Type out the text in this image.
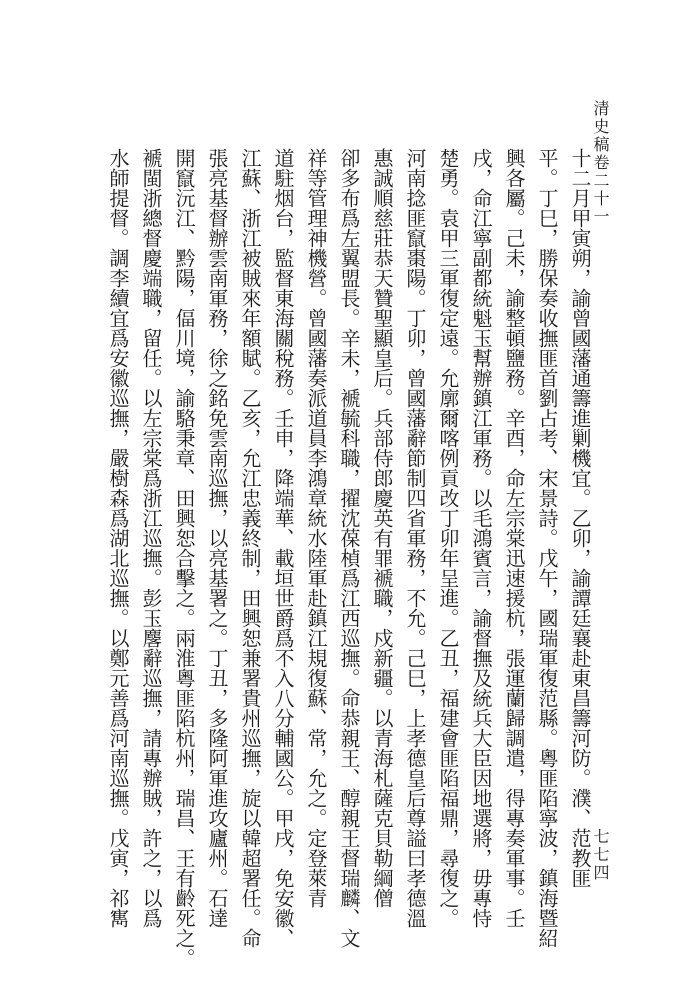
清史稿卷二十一
七七四
十二月甲寅朔，諭曾國藩通籌進剿機宜。乙卯，諭譚廷襄赴東昌籌河防。濮、范教匪
平。丁巳，勝保奏收撫匪首劉占考、宋景詩。戊午，國瑞軍復范縣。粵匪陷寧波，鎮海暨紹
興各屬。己未，諭整頓鹽務。辛酉，命左宗棠迅速援杭，張運蘭歸調遣，得專奏軍事。壬
戌，命江寧副都統魁玉幫辦鎮江軍務。以毛鴻賓言，諭督撫及統兵大臣因地選將，毋專恃
楚勇。袁甲三軍復定遠。允廓爾喀例貢改丁卯年呈進。乙丑，福建會匪陷福鼎，尋復之。
河南捻匪竄棗陽。丁卯，曾國藩辭節制四省軍務，不允。己巳，上孝德皇后尊謚曰孝德溫
惠誠順慈莊恭天贊聖顯皇后。兵部侍郎慶英有罪褫職，戍新疆。以青海札薩克貝勒綱僧
卻多布爲左翼盟長。辛未，褫毓科職，擢沈葆楨爲江西巡撫。命恭親王、醇親王督瑞麟、文
祥等管理神機營。曾國藩奏派道員李鴻章統水陸軍赴鎮江規復蘇、常，允之。定登萊青
道駐烟台，監督東海關稅務。壬申，降端華、載垣世爵爲不入八分輔國公。甲戌，免安徽、
江蘇、浙江被賊來年額賦。乙亥，允江忠義終制，田興恕兼署貴州巡撫，旋以韓超署任。命
張亮基督辦雲南軍務，徐之銘免雲南巡撫，以亮基署之。丁丑，多隆阿軍進攻廬州。石達
開竄沅江、黔陽，偪川境，諭駱秉章、田興恕合擊之。兩淮粵匪陷杭州，瑞昌、王有齡死之。
褫閩浙總督慶端職，留任。以左宗棠爲浙江巡撫。彭玉麐辭巡撫，請專辦賊，許之，以爲
水師提督。調李續宜爲安徽巡撫，嚴樹森爲湖北巡撫。以鄭元善爲河南巡撫。戊寅，祁寯
